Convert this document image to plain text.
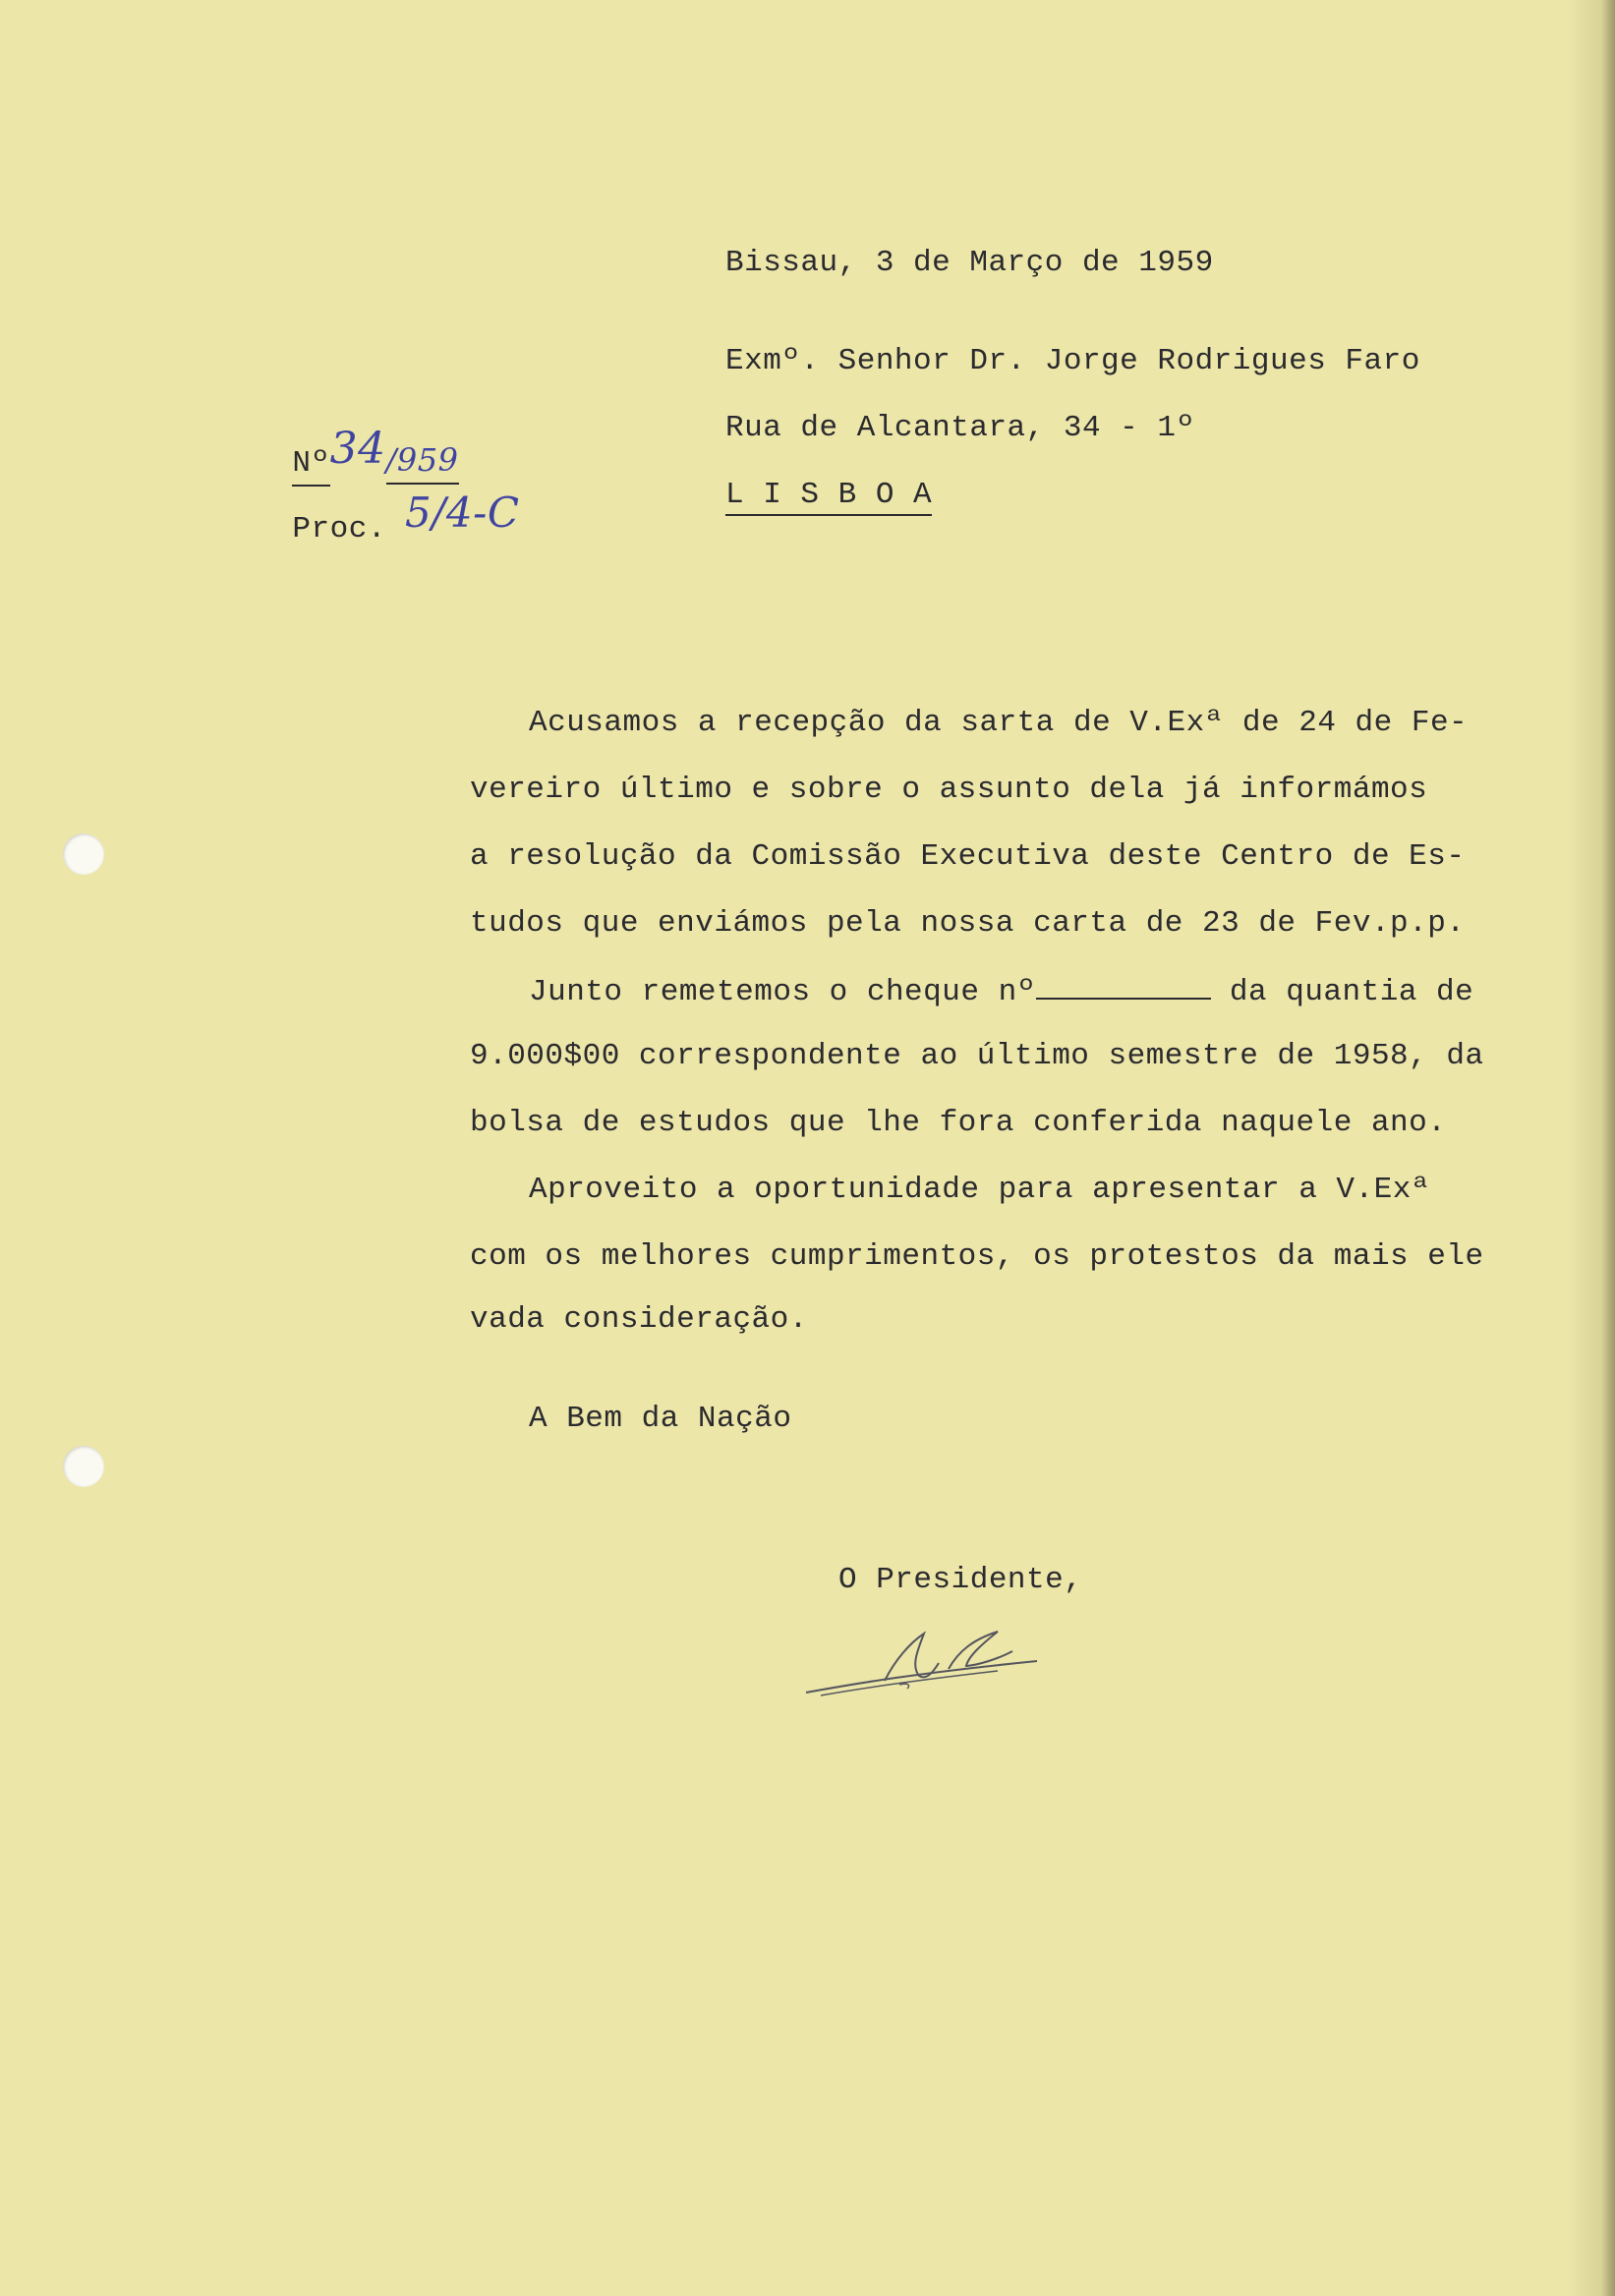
Bissau, 3 de Março de 1959
Exmº. Senhor Dr. Jorge Rodrigues Faro
Rua de Alcantara, 34 - 1º
L I S B O A

Nº34/959

Proc. 5/4-C

Acusamos a recepção da sarta de V.Exª de 24 de Fe-
vereiro último e sobre o assunto dela já informámos
a resolução da Comissão Executiva deste Centro de Es-
tudos que enviámos pela nossa carta de 23 de Fev.p.p.
Junto remetemos o cheque nº	da quantia de
9.000$00 correspondente ao último semestre de 1958, da
bolsa de estudos que lhe fora conferida naquele ano.
Aproveito a oportunidade para apresentar a V.Exª
com os melhores cumprimentos, os protestos da mais ele
vada consideração.
A Bem da Nação
O Presidente,
